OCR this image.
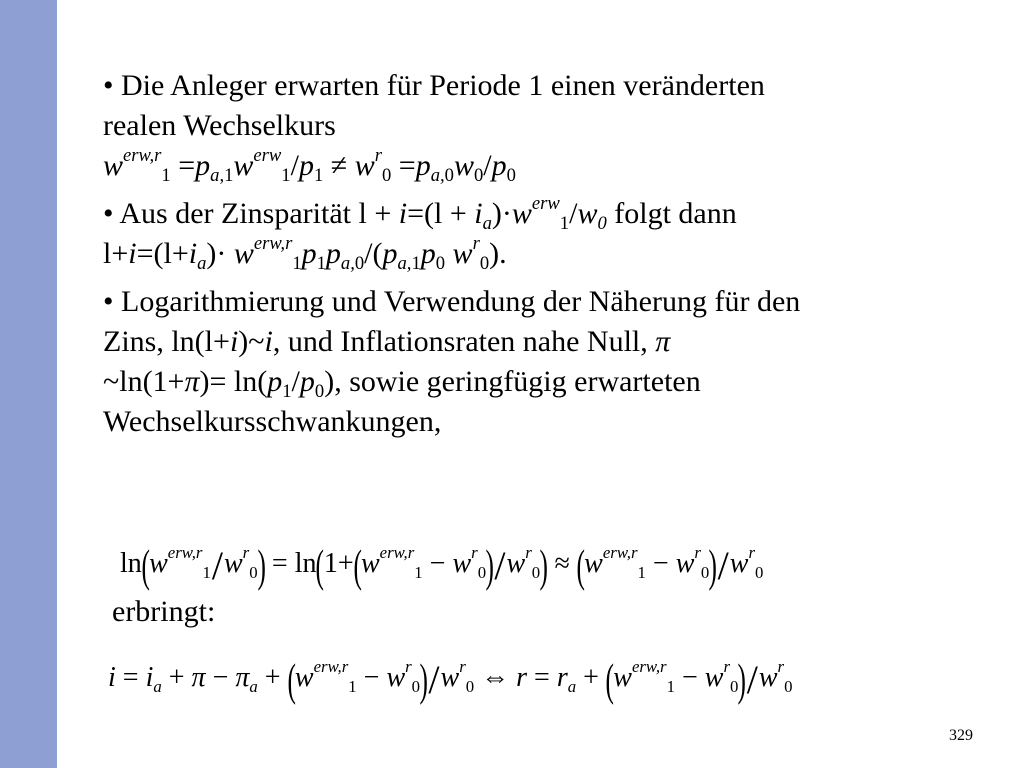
• Die Anleger erwarten für Periode 1 einen veränderten
realen Wechselkurs
$w^{erw,r}_1 =p_{a,1}w^{erw}_1/p_1 \ne w^r_0 =p_{a,0}w_0/p_0$

• Aus der Zinsparität $l + i=(l + i_a)\cdot w^{erw}_1/w_0$ folgt dann
$l+i=(l+i_a)\cdot w^{erw,r}_1p_1p_{a,0}/(p_{a,1}p_0$ $w^r_0$).

• Logarithmierung und Verwendung der Näherung für den
Zins, ln(l+i)~i, und Inflationsraten nahe Null, π
~ln(1+π)= $\ln(p_1/p_0)$, sowie geringfügig erwarteten
Wechselkursschwankungen,

$\ln(w^{erw,r}_1/w^r_0) = \ln(1+(w^{erw,r}_1 - w^r_0)/w^r_0) \approx (w^{erw,r}_1 - w^r_0)/w^r_0$
erbringt:
$i = i_a + \pi - \pi_a + (w^{erw,r}_1 - w^r_0)/w^r_0$ ⇔ $r = r_a + (w^{erw,r}_1 - w^r_0)/w^r_0$
329
